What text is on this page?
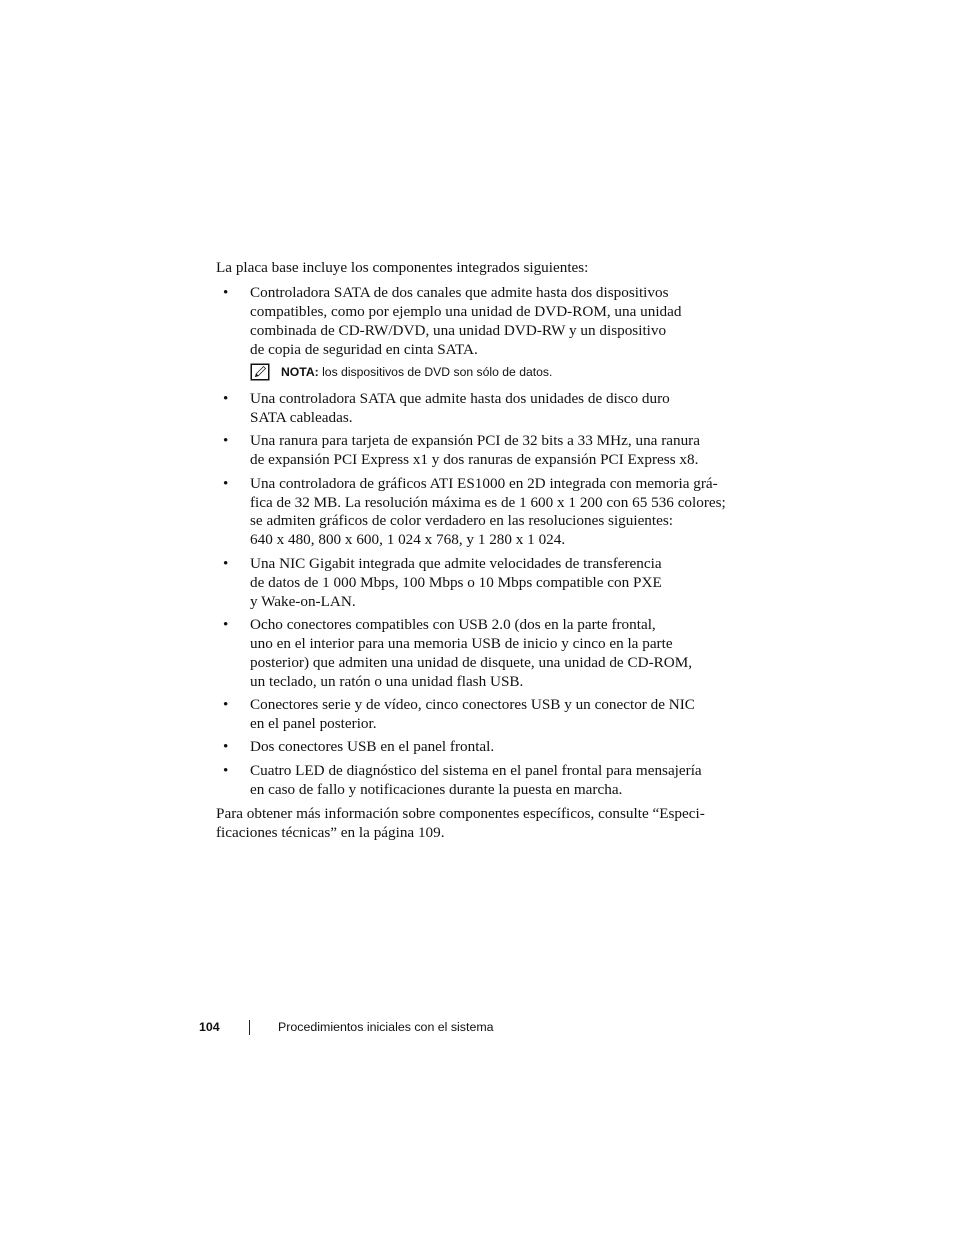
La placa base incluye los componentes integrados siguientes:

• Controladora SATA de dos canales que admite hasta dos dispositivos
compatibles, como por ejemplo una unidad de DVD-ROM, una unidad
combinada de CD-RW/DVD, una unidad DVD-RW y un dispositivo
de copia de seguridad en cinta SATA.
NOTA: los dispositivos de DVD son sólo de datos.
• Una controladora SATA que admite hasta dos unidades de disco duro
SATA cableadas.
• Una ranura para tarjeta de expansión PCI de 32 bits a 33 MHz, una ranura
de expansión PCI Express x1 y dos ranuras de expansión PCI Express x8.
• Una controladora de gráficos ATI ES1000 en 2D integrada con memoria grá-
fica de 32 MB. La resolución máxima es de 1 600 x 1 200 con 65 536 colores;
se admiten gráficos de color verdadero en las resoluciones siguientes:
640 x 480, 800 x 600, 1 024 x 768, y 1 280 x 1 024.
• Una NIC Gigabit integrada que admite velocidades de transferencia
de datos de 1 000 Mbps, 100 Mbps o 10 Mbps compatible con PXE
y Wake-on-LAN.
• Ocho conectores compatibles con USB 2.0 (dos en la parte frontal,
uno en el interior para una memoria USB de inicio y cinco en la parte
posterior) que admiten una unidad de disquete, una unidad de CD-ROM,
un teclado, un ratón o una unidad flash USB.
• Conectores serie y de vídeo, cinco conectores USB y un conector de NIC
en el panel posterior.
• Dos conectores USB en el panel frontal.
• Cuatro LED de diagnóstico del sistema en el panel frontal para mensajería
en caso de fallo y notificaciones durante la puesta en marcha.

Para obtener más información sobre componentes específicos, consulte “Especi-
ficaciones técnicas” en la página 109.

104	Procedimientos iniciales con el sistema
